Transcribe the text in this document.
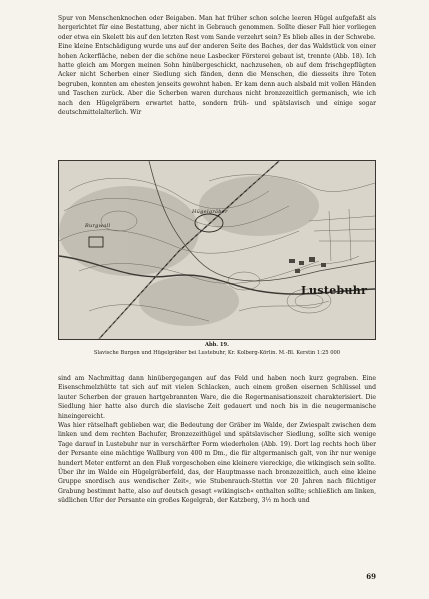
Spur von Menschenknochen oder Beigaben. Man hat früher schon solche leeren Hügel aufgefaßt als hergerichtet für eine Bestattung, aber nicht in Gebrauch genommen. Sollte dieser Fall hier vorliegen oder etwa ein Skelett bis auf den letzten Rest vom Sande verzehrt sein? Es blieb alles in der Schwebe.

Eine kleine Entschädigung wurde uns auf der anderen Seite des Baches, der das Waldstück von einer hohen Ackerfläche, neben der die schöne neue Lasbecker Försterei gebaut ist, trennte (Abb. 18). Ich hatte gleich am Morgen meinen Sohn hinübergeschickt, nachzusehen, ob auf dem frischgepflügten Acker nicht Scherben einer Siedlung sich fänden, denn die Menschen, die diesseits ihre Toten begruben, konnten am ehesten jenseits gewohnt haben. Er kam denn auch alsbald mit vollen Händen und Taschen zurück. Aber die Scherben waren durchaus nicht bronzezeitlich germanisch, wie ich nach den Hügelgräbern erwartet hatte, sondern früh- und spätslavisch und einige sogar deutschmittelalterlich. Wir

Lustebuhr
Burgwall
Hügelgräber
Abb. 19.
Slavische Burgen und Hügelgräber bei Lustebuhr, Kr. Kolberg-Körlin. M.-Bl. Kerstin 1:25 000

sind am Nachmittag dann hinübergegangen auf das Feld und haben noch kurz gegraben. Eine Eisenschmelzhütte tat sich auf mit vielen Schlacken, auch einem großen eisernen Schlüssel und lauter Scherben der grauen hartgebrannten Ware, die die Regermanisationszeit charakterisiert. Die Siedlung hier hatte also durch die slavische Zeit gedauert und noch bis in die neugermanische hineingereicht.

Was hier rätselhaft geblieben war, die Bedeutung der Gräber im Walde, der Zwiespalt zwischen dem linken und dem rechten Bachufer, Bronzezeithügel und spätslavischer Siedlung, sollte sich wenige Tage darauf in Lustebuhr nur in verschärfter Form wiederholen (Abb. 19). Dort lag rechts hoch über der Persante eine mächtige Wallburg von 400 m Dm., die für altgermanisch galt, von ihr nur wenige hundert Meter entfernt an den Fluß vorgeschoben eine kleinere viereckige, die wikingisch sein sollte. Über ihr im Walde ein Hügelgräberfeld, das, der Hauptmasse nach bronzezeitlich, auch eine kleine Gruppe snordisch aus wendischer Zeit«, wie Stubenrauch-Stettin vor 20 Jahren nach flüchtiger Grabung bestimmt hatte, also auf deutsch gesagt »wikingisch« enthalten sollte; schließlich am linken, südlichen Ufer der Persante ein großes Kegelgrab, der Katzberg, 3½ m hoch und

69
